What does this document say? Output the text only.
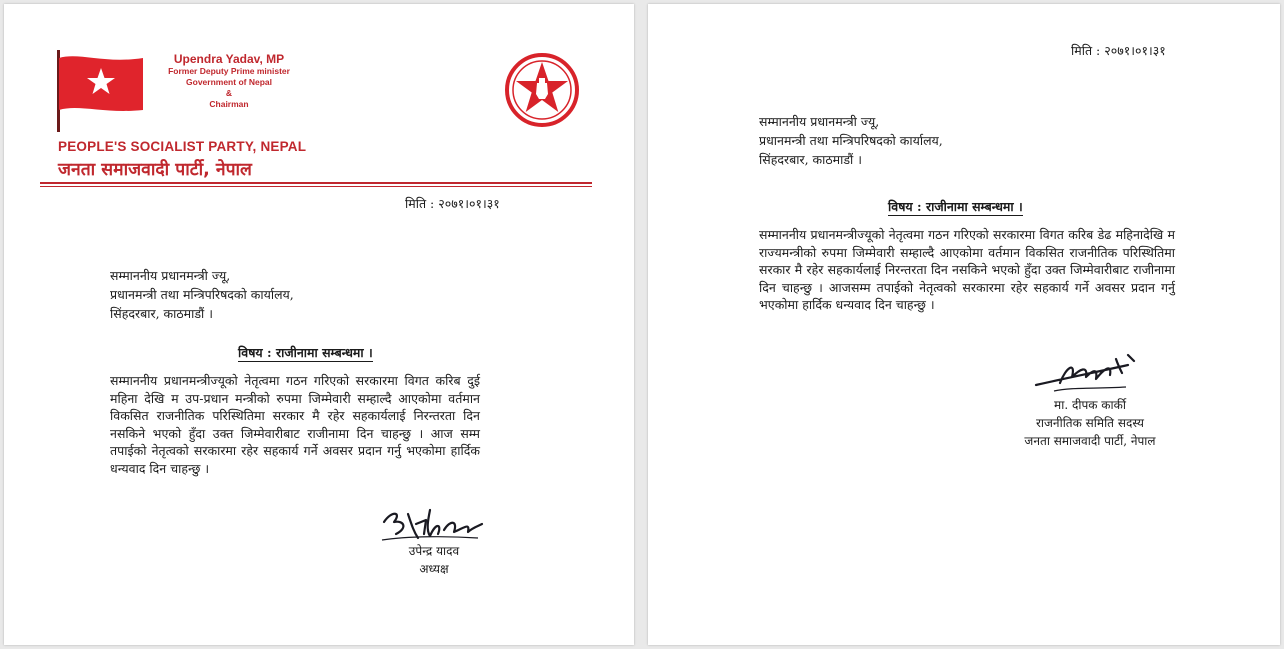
Upendra Yadav, MP
Former Deputy Prime minister
Government of Nepal
&
Chairman
PEOPLE'S SOCIALIST PARTY, NEPAL
जनता समाजवादी पार्टी, नेपाल
मिति : २०७१।०१।३१
सम्माननीय प्रधानमन्त्री ज्यू,
प्रधानमन्त्री तथा मन्त्रिपरिषदको कार्यालय,
सिंहदरबार, काठमाडौं ।
विषय : राजीनामा सम्बन्धमा ।
सम्माननीय प्रधानमन्त्रीज्यूको नेतृत्वमा गठन गरिएको सरकारमा विगत करिब दुई महिना देखि म उप-प्रधान मन्त्रीको रुपमा जिम्मेवारी सम्हाल्दै आएकोमा वर्तमान विकसित राजनीतिक परिस्थितिमा सरकार मै रहेर सहकार्यलाई निरन्तरता दिन नसकिने भएको हुँदा उक्त जिम्मेवारीबाट राजीनामा दिन चाहन्छु । आज सम्म तपाईको नेतृत्वको सरकारमा रहेर सहकार्य गर्ने अवसर प्रदान गर्नु भएकोमा हार्दिक धन्यवाद दिन चाहन्छु ।
उपेन्द्र यादव
अध्यक्ष
मिति : २०७१।०१।३१
सम्माननीय प्रधानमन्त्री ज्यू,
प्रधानमन्त्री तथा मन्त्रिपरिषदको कार्यालय,
सिंहदरबार, काठमाडौं ।
विषय : राजीनामा सम्बन्धमा ।
सम्माननीय प्रधानमन्त्रीज्यूको नेतृत्वमा गठन गरिएको सरकारमा विगत करिब डेढ महिनादेखि म राज्यमन्त्रीको रुपमा जिम्मेवारी सम्हाल्दै आएकोमा वर्तमान विकसित राजनीतिक परिस्थितिमा सरकार मै रहेर सहकार्यलाई निरन्तरता दिन नसकिने भएको हुँदा उक्त जिम्मेवारीबाट राजीनामा दिन चाहन्छु । आजसम्म तपाईको नेतृत्वको सरकारमा रहेर सहकार्य गर्ने अवसर प्रदान गर्नु भएकोमा हार्दिक धन्यवाद दिन चाहन्छु ।
मा. दीपक कार्की
राजनीतिक समिति सदस्य
जनता समाजवादी पार्टी, नेपाल
